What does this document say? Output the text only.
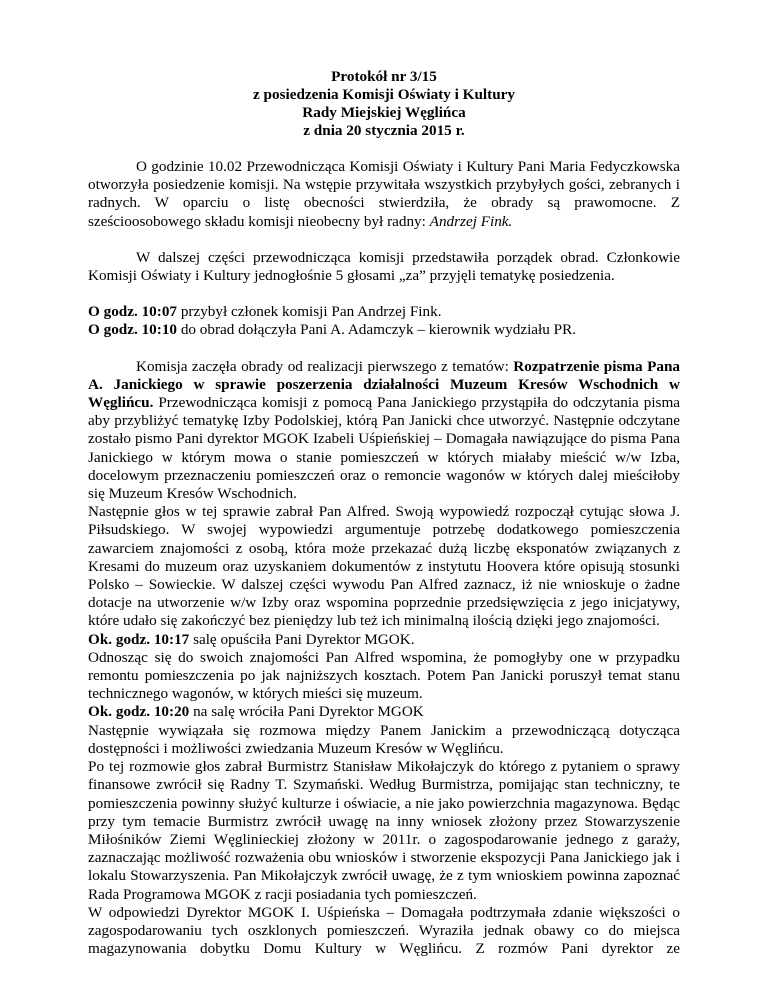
Protokół nr 3/15
z posiedzenia Komisji Oświaty i Kultury
Rady Miejskiej Węglińca
z dnia 20 stycznia 2015 r.

O godzinie 10.02 Przewodnicząca Komisji Oświaty i Kultury Pani Maria Fedyczkowska otworzyła posiedzenie komisji. Na wstępie przywitała wszystkich przybyłych gości, zebranych i radnych. W oparciu o listę obecności stwierdziła, że obrady są prawomocne. Z sześcioosobowego składu komisji nieobecny był radny: Andrzej Fink.

W dalszej części przewodnicząca komisji przedstawiła porządek obrad. Członkowie Komisji Oświaty i Kultury jednogłośnie 5 głosami „za” przyjęli tematykę posiedzenia.

O godz. 10:07 przybył członek komisji Pan Andrzej Fink.

O godz. 10:10 do obrad dołączyła Pani A. Adamczyk – kierownik wydziału PR.

Komisja zaczęła obrady od realizacji pierwszego z tematów: Rozpatrzenie pisma Pana A. Janickiego w sprawie poszerzenia działalności Muzeum Kresów Wschodnich w Węglińcu. Przewodnicząca komisji z pomocą Pana Janickiego przystąpiła do odczytania pisma aby przybliżyć tematykę Izby Podolskiej, którą Pan Janicki chce utworzyć. Następnie odczytane zostało pismo Pani dyrektor MGOK Izabeli Uśpieńskiej – Domagała nawiązujące do pisma Pana Janickiego w którym mowa o stanie pomieszczeń w których miałaby mieścić w/w Izba, docelowym przeznaczeniu pomieszczeń oraz o remoncie wagonów w których dalej mieściłoby się Muzeum Kresów Wschodnich.

Następnie głos w tej sprawie zabrał Pan Alfred. Swoją wypowiedź rozpoczął cytując słowa J. Piłsudskiego. W swojej wypowiedzi argumentuje potrzebę dodatkowego pomieszczenia zawarciem znajomości z osobą, która może przekazać dużą liczbę eksponatów związanych z Kresami do muzeum oraz uzyskaniem dokumentów z instytutu Hoovera które opisują stosunki Polsko – Sowieckie. W dalszej części wywodu Pan Alfred zaznacz, iż nie wnioskuje o żadne dotacje na utworzenie w/w Izby oraz wspomina poprzednie przedsięwzięcia z jego inicjatywy, które udało się zakończyć bez pieniędzy lub też ich minimalną ilością dzięki jego znajomości.

Ok. godz. 10:17 salę opuściła Pani Dyrektor MGOK.

Odnosząc się do swoich znajomości Pan Alfred wspomina, że pomogłyby one w przypadku remontu pomieszczenia po jak najniższych kosztach. Potem Pan Janicki poruszył temat stanu technicznego wagonów, w których mieści się muzeum.

Ok. godz. 10:20 na salę wróciła Pani Dyrektor MGOK

Następnie wywiązała się rozmowa między Panem Janickim a przewodniczącą dotycząca dostępności i możliwości zwiedzania Muzeum Kresów w Węglińcu.

Po tej rozmowie głos zabrał Burmistrz Stanisław Mikołajczyk do którego z pytaniem o sprawy finansowe zwrócił się Radny T. Szymański. Według Burmistrza, pomijając stan techniczny, te pomieszczenia powinny służyć kulturze i oświacie, a nie jako powierzchnia magazynowa. Będąc przy tym temacie Burmistrz zwrócił uwagę na inny wniosek złożony przez Stowarzyszenie Miłośników Ziemi Węglinieckiej złożony w 2011r. o zagospodarowanie jednego z garaży, zaznaczając możliwość rozważenia obu wniosków i stworzenie ekspozycji Pana Janickiego jak i lokalu Stowarzyszenia. Pan Mikołajczyk zwrócił uwagę, że z tym wnioskiem powinna zapoznać Rada Programowa MGOK z racji posiadania tych pomieszczeń.

W odpowiedzi Dyrektor MGOK I. Uśpieńska – Domagała podtrzymała zdanie większości o zagospodarowaniu tych oszklonych pomieszczeń. Wyraziła jednak obawy co do miejsca magazynowania dobytku Domu Kultury w Węglińcu. Z rozmów Pani dyrektor ze
